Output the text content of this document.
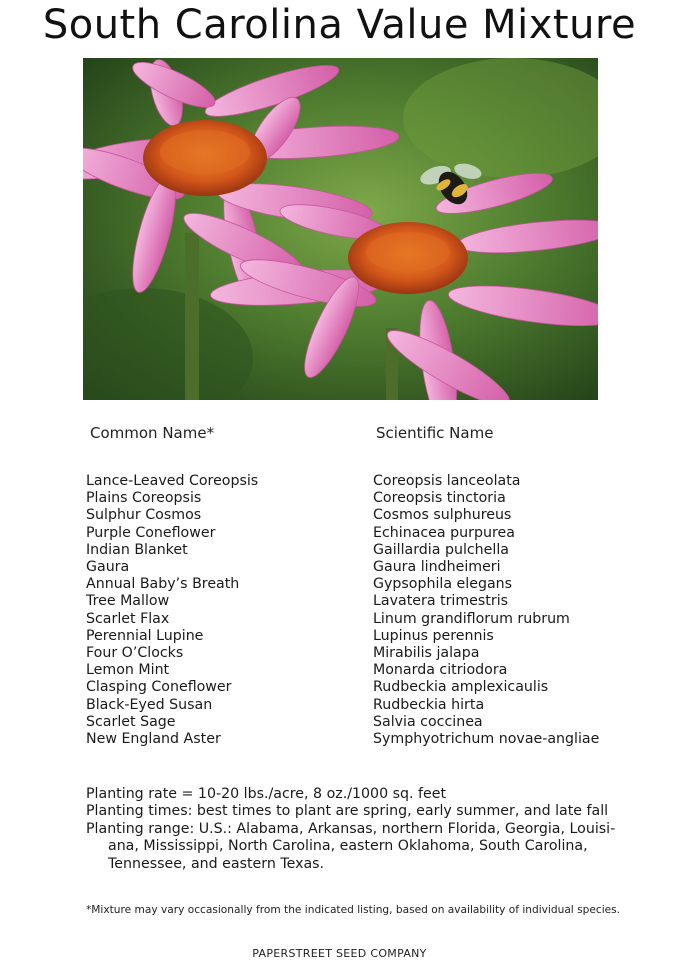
South Carolina Value Mixture
Common Name*	Scientific Name
Lance-Leaved Coreopsis
Plains Coreopsis
Sulphur Cosmos
Purple Coneflower
Indian Blanket
Gaura
Annual Baby’s Breath
Tree Mallow
Scarlet Flax
Perennial Lupine
Four O’Clocks
Lemon Mint
Clasping Coneflower
Black-Eyed Susan
Scarlet Sage
New England Aster
Coreopsis lanceolata
Coreopsis tinctoria
Cosmos sulphureus
Echinacea purpurea
Gaillardia pulchella
Gaura lindheimeri
Gypsophila elegans
Lavatera trimestris
Linum grandiflorum rubrum
Lupinus perennis
Mirabilis jalapa
Monarda citriodora
Rudbeckia amplexicaulis
Rudbeckia hirta
Salvia coccinea
Symphyotrichum novae-angliae

Planting rate = 10-20 lbs./acre, 8 oz./1000 sq. feet

Planting times: best times to plant are spring, early summer, and late fall

Planting range: U.S.: Alabama, Arkansas, northern Florida, Georgia, Louisi-ana, Mississippi, North Carolina, eastern Oklahoma, South Carolina, Tennessee, and eastern Texas.

*Mixture may vary occasionally from the indicated listing, based on availability of individual species.
PAPERSTREET SEED COMPANY
